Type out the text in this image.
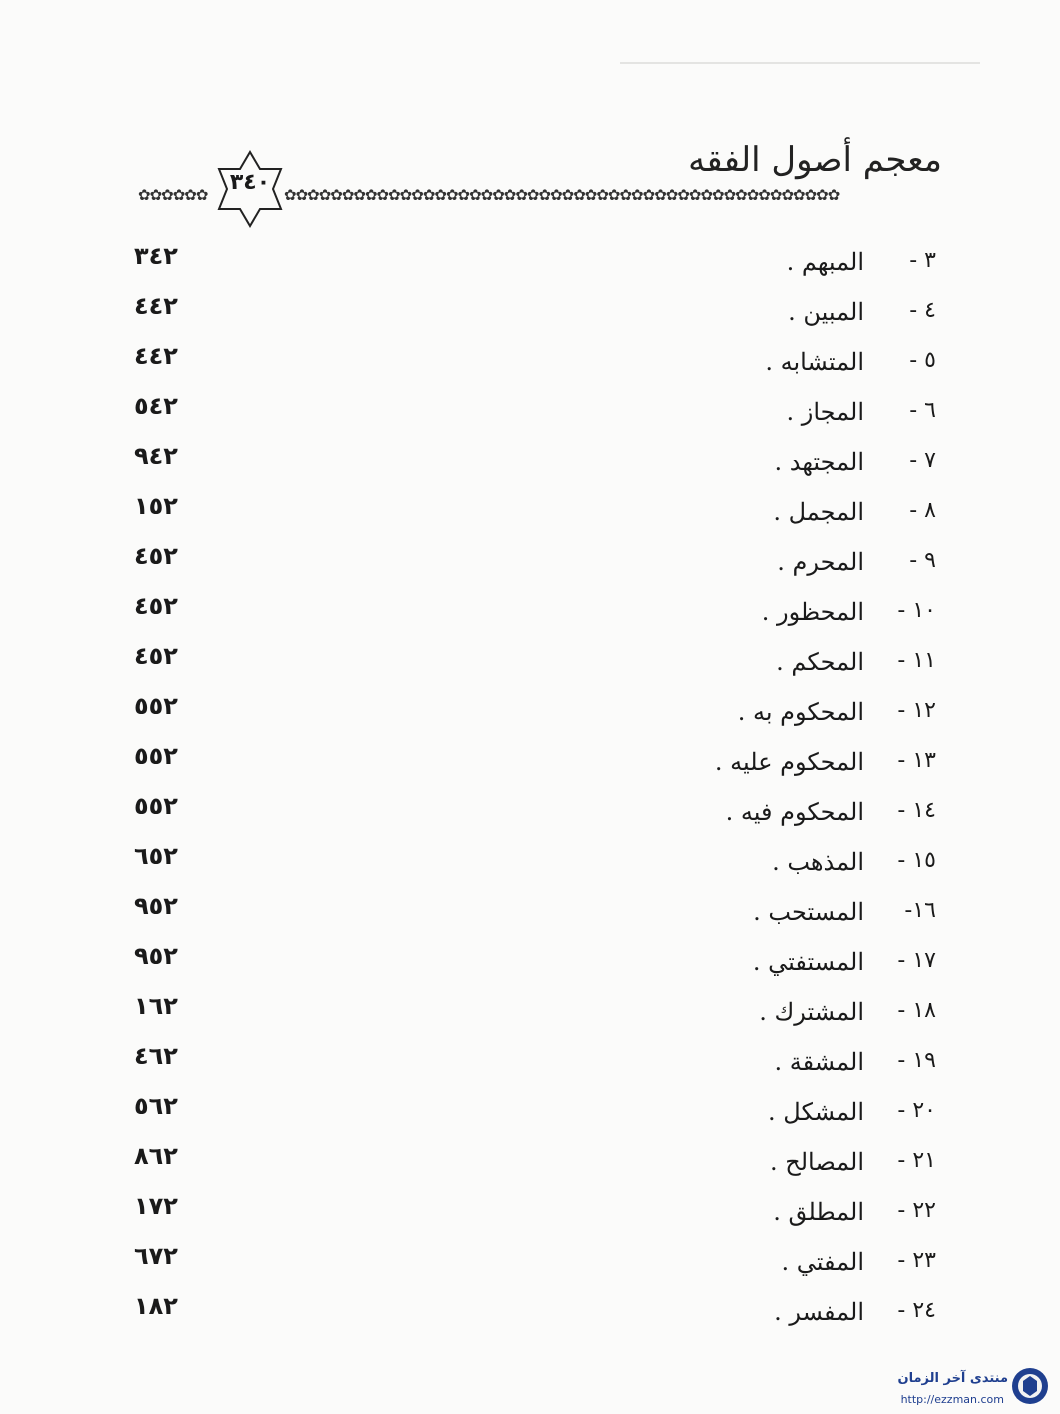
معجم أصول الفقه
✿✿✿✿✿✿	✿✿✿✿✿✿✿✿✿✿✿✿✿✿✿✿✿✿✿✿✿✿✿✿✿✿✿✿✿✿✿✿✿✿✿✿✿✿✿✿✿✿✿✿✿✿✿✿
٣٤٠
٣ -
المبهم .
٢٤٣
٤ -
المبين .
٢٤٤
٥ -
المتشابه .
٢٤٤
٦ -
المجاز .
٢٤٥
٧ -
المجتهد .
٢٤٩
٨ -
المجمل .
٢٥١
٩ -
المحرم .
٢٥٤
١٠ -
المحظور .
٢٥٤
١١ -
المحكم .
٢٥٤
١٢ -
المحكوم به .
٢٥٥
١٣ -
المحكوم عليه .
٢٥٥
١٤ -
المحكوم فيه .
٢٥٥
١٥ -
المذهب .
٢٥٦
١٦-
المستحب .
٢٥٩
١٧ -
المستفتي .
٢٥٩
١٨ -
المشترك .
٢٦١
١٩ -
المشقة .
٢٦٤
٢٠ -
المشكل .
٢٦٥
٢١ -
المصالح .
٢٦٨
٢٢ -
المطلق .
٢٧١
٢٣ -
المفتي .
٢٧٦
٢٤ -
المفسر .
٢٨١
منتدى آخر الزمان
http://ezzman.com
